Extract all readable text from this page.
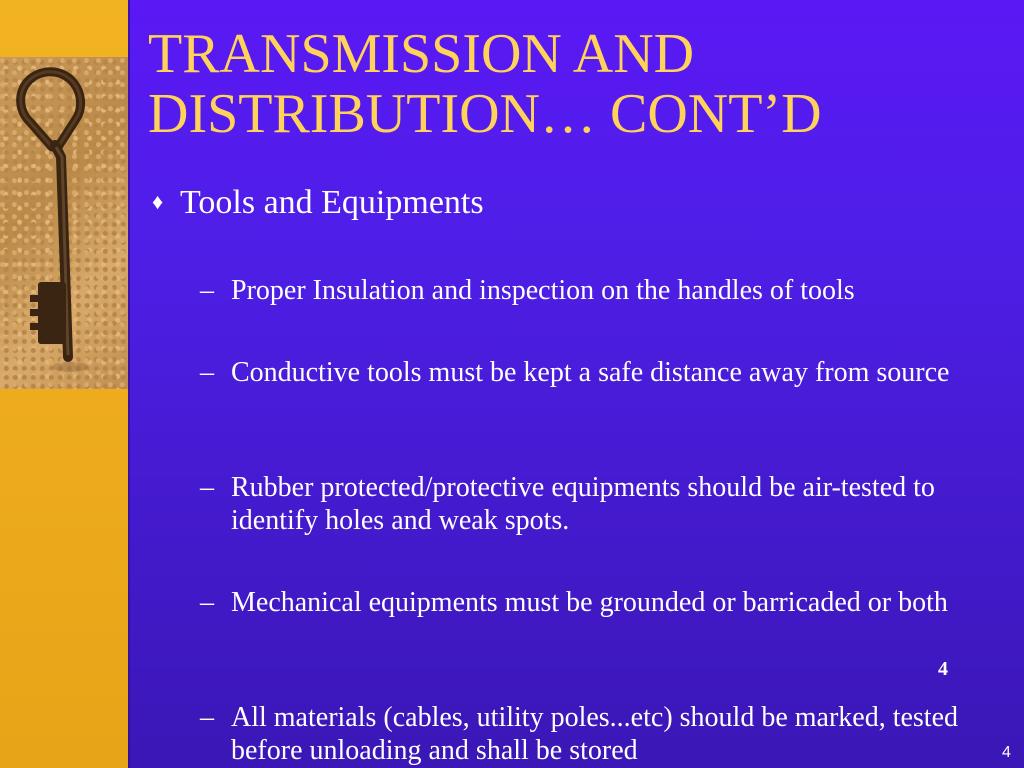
TRANSMISSION AND
DISTRIBUTION… CONT’D
♦ Tools and Equipments
– Proper Insulation and inspection on the handles of tools
– Conductive tools must be kept a safe distance away from source
– Rubber protected/protective equipments should be air-tested to identify holes and weak spots.
– Mechanical equipments must be grounded or barricaded or both
4
– All materials (cables, utility poles...etc) should be marked, tested before unloading and shall be stored	4
